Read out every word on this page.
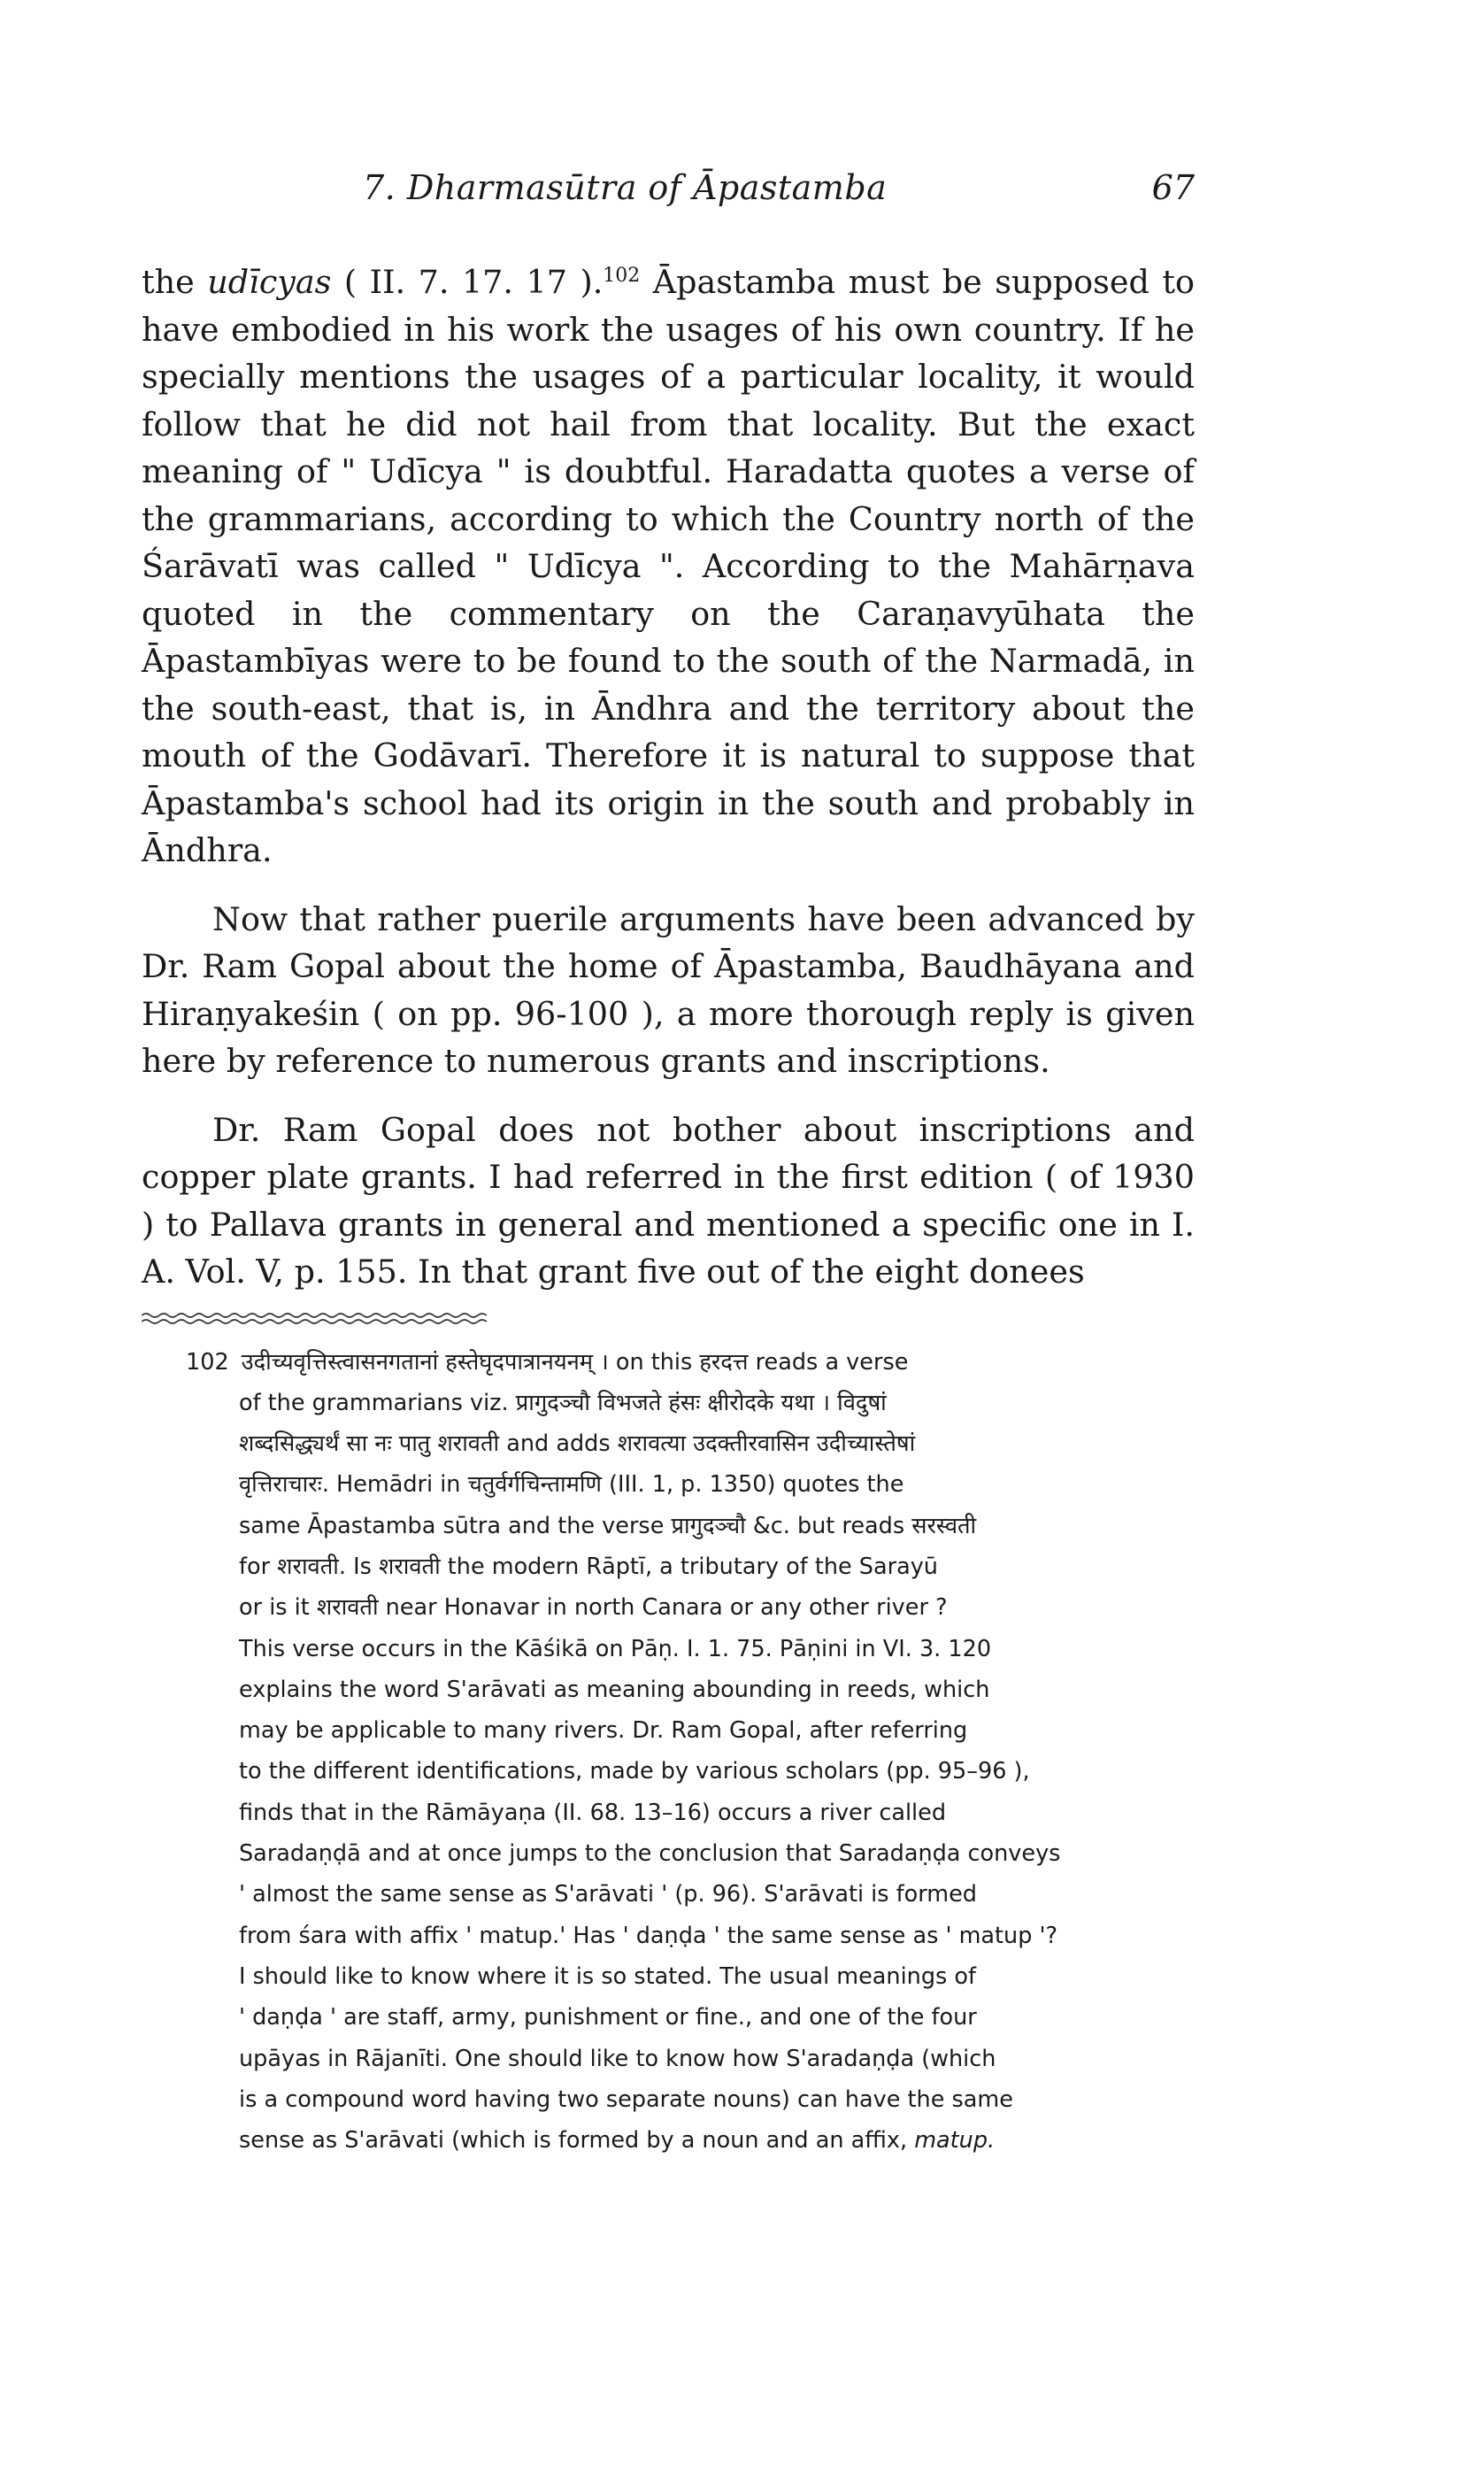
7. Dharmasūtra of Āpastamba	67

the udīcyas ( II. 7. 17. 17 ).$^{102}$ Āpastamba must be supposed to have embodied in his work the usages of his own country. If he specially mentions the usages of a particular locality, it would follow that he did not hail from that locality. But the exact meaning of " Udīcya " is doubtful. Haradatta quotes a verse of the grammarians, according to which the Country north of the Śarāvatī was called " Udīcya ". According to the Mahārṇava quoted in the commentary on the Caraṇavyūhata the Āpastambīyas were to be found to the south of the Narmadā, in the south-east, that is, in Āndhra and the territory about the mouth of the Godāvarī. Therefore it is natural to suppose that Āpastamba's school had its origin in the south and probably in Āndhra.

Now that rather puerile arguments have been advanced by Dr. Ram Gopal about the home of Āpastamba, Baudhāyana and Hiraṇyakeśin ( on pp. 96-100 ), a more thorough reply is given here by reference to numerous grants and inscriptions.

Dr. Ram Gopal does not bother about inscriptions and copper plate grants. I had referred in the first edition ( of 1930 ) to Pallava grants in general and mentioned a specific one in I. A. Vol. V, p. 155. In that grant five out of the eight donees

102 उदीच्यवृत्तिस्त्वासनगतानां हस्तेघृदपात्रानयनम् । on this हरदत्त reads a verse
of the grammarians viz. प्रागुदञ्चौ विभजते हंसः क्षीरोदके यथा । विदुषां
शब्दसिद्ध्यर्थं सा नः पातु शरावती and adds शरावत्या उदक्तीरवासिन उदीच्यास्तेषां
वृत्तिराचारः. Hemādri in चतुर्वर्गचिन्तामणि (III. 1, p. 1350) quotes the
same Āpastamba sūtra and the verse प्रागुदञ्चौ &c. but reads सरस्वती
for शरावती. Is शरावती the modern Rāptī, a tributary of the Sarayū
or is it शरावती near Honavar in north Canara or any other river ?
This verse occurs in the Kāśikā on Pāṇ. I. 1. 75. Pāṇini in VI. 3. 120
explains the word S'arāvati as meaning abounding in reeds, which
may be applicable to many rivers. Dr. Ram Gopal, after referring
to the different identifications, made by various scholars (pp. 95–96 ),
finds that in the Rāmāyaṇa (II. 68. 13–16) occurs a river called
Saradaṇḍā and at once jumps to the conclusion that Saradaṇḍa conveys
' almost the same sense as S'arāvati ' (p. 96). S'arāvati is formed
from śara with affix ' matup.' Has ' daṇḍa ' the same sense as ' matup '?
I should like to know where it is so stated. The usual meanings of
' daṇḍa ' are staff, army, punishment or fine., and one of the four
upāyas in Rājanīti. One should like to know how S'aradaṇḍa (which
is a compound word having two separate nouns) can have the same
sense as S'arāvati (which is formed by a noun and an affix, matup.
